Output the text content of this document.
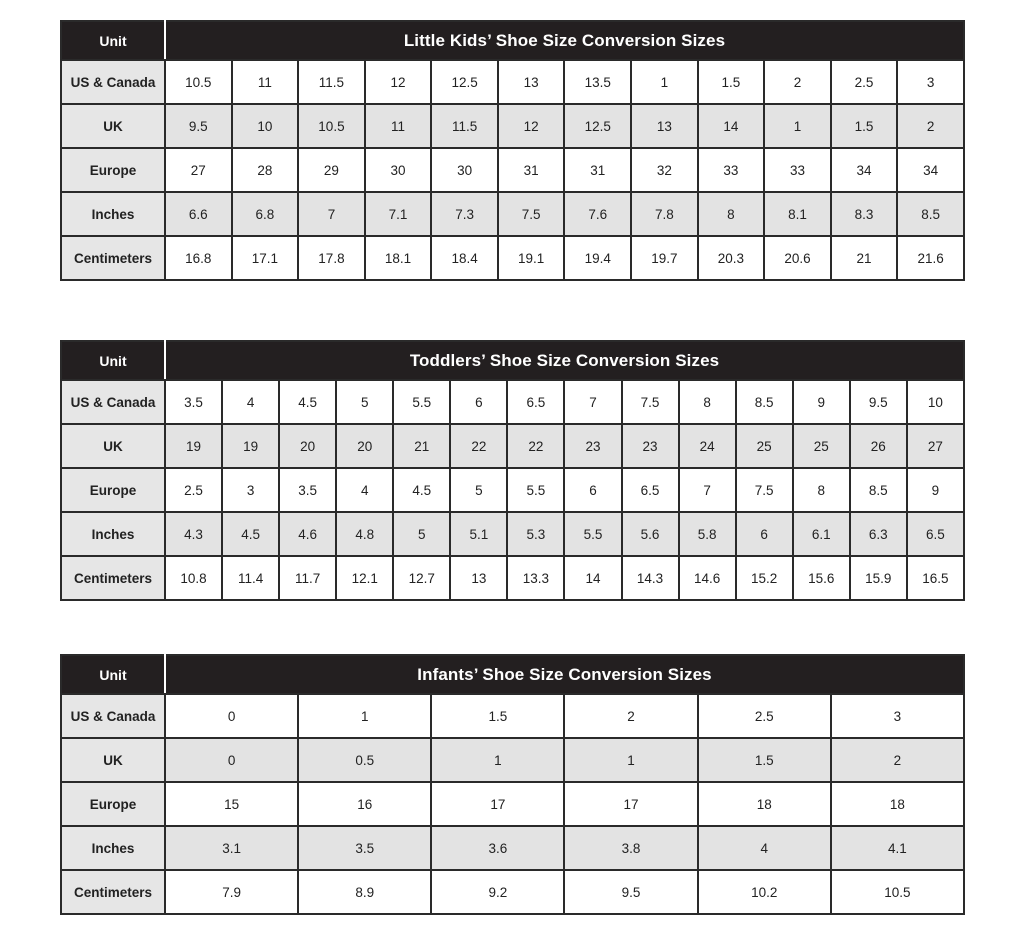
Unit	Little Kids’ Shoe Size Conversion Sizes											
US & Canada	10.5	11	11.5	12	12.5	13	13.5	1	1.5	2	2.5	3
UK	9.5	10	10.5	11	11.5	12	12.5	13	14	1	1.5	2
Europe	27	28	29	30	30	31	31	32	33	33	34	34
Inches	6.6	6.8	7	7.1	7.3	7.5	7.6	7.8	8	8.1	8.3	8.5
Centimeters	16.8	17.1	17.8	18.1	18.4	19.1	19.4	19.7	20.3	20.6	21	21.6
Unit	Toddlers’ Shoe Size Conversion Sizes													
US & Canada	3.5	4	4.5	5	5.5	6	6.5	7	7.5	8	8.5	9	9.5	10
UK	19	19	20	20	21	22	22	23	23	24	25	25	26	27
Europe	2.5	3	3.5	4	4.5	5	5.5	6	6.5	7	7.5	8	8.5	9
Inches	4.3	4.5	4.6	4.8	5	5.1	5.3	5.5	5.6	5.8	6	6.1	6.3	6.5
Centimeters	10.8	11.4	11.7	12.1	12.7	13	13.3	14	14.3	14.6	15.2	15.6	15.9	16.5
Unit	Infants’ Shoe Size Conversion Sizes					
US & Canada	0	1	1.5	2	2.5	3
UK	0	0.5	1	1	1.5	2
Europe	15	16	17	17	18	18
Inches	3.1	3.5	3.6	3.8	4	4.1
Centimeters	7.9	8.9	9.2	9.5	10.2	10.5
